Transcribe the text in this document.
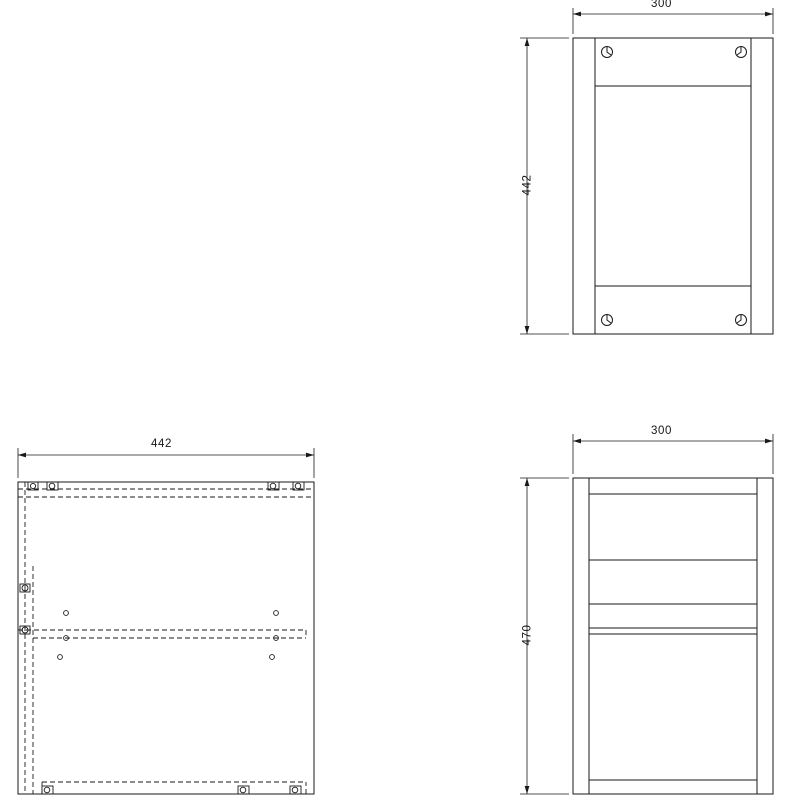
300
442
442
300
470
